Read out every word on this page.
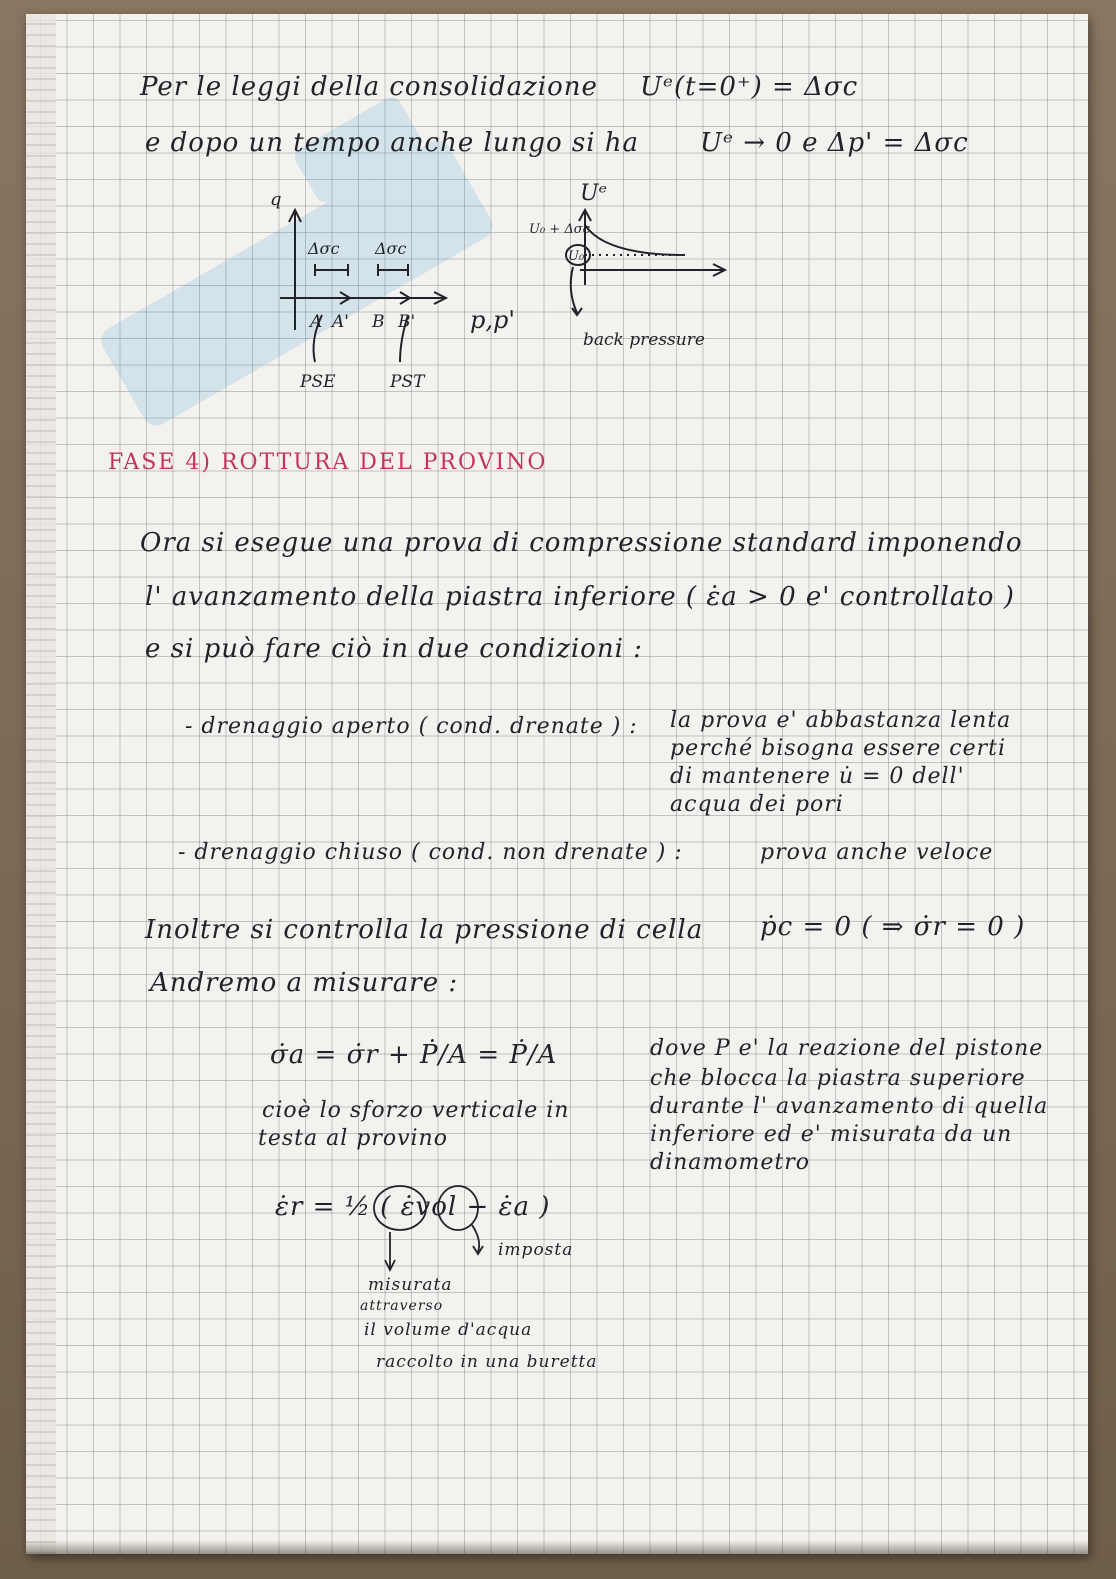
Per le leggi della consolidazione Uᵉ(t=0⁺) = Δσc
e dopo un tempo anche lungo si ha Uᵉ → 0 e Δp' = Δσc
q
Δσc Δσc
A A' B B' p,p'
PSE	PST
Uᵉ
U₀ + Δσc
U₀
back pressure
FASE 4) ROTTURA DEL PROVINO
Ora si esegue una prova di compressione standard imponendo
l' avanzamento della piastra inferiore ( ε̇a > 0 e' controllato )
e si può fare ciò in due condizioni :
- drenaggio aperto ( cond. drenate ) : la prova e' abbastanza lenta
perché bisogna essere certi
di mantenere u̇ = 0 dell'
acqua dei pori
- drenaggio chiuso ( cond. non drenate ) :	prova anche veloce
Inoltre si controlla la pressione di cella ṗc = 0 ( ⇒ σ̇r = 0 )
Andremo a misurare :
σ̇a = σ̇r + Ṗ/A = Ṗ/A	dove P e' la reazione del pistone
che blocca la piastra superiore
durante l' avanzamento di quella
inferiore ed e' misurata da un
dinamometro
cioè lo sforzo verticale in
testa al provino
ε̇r = ½ ( ε̇vol − ε̇a )
imposta
misurata
attraverso
il volume d'acqua
raccolto in una buretta
